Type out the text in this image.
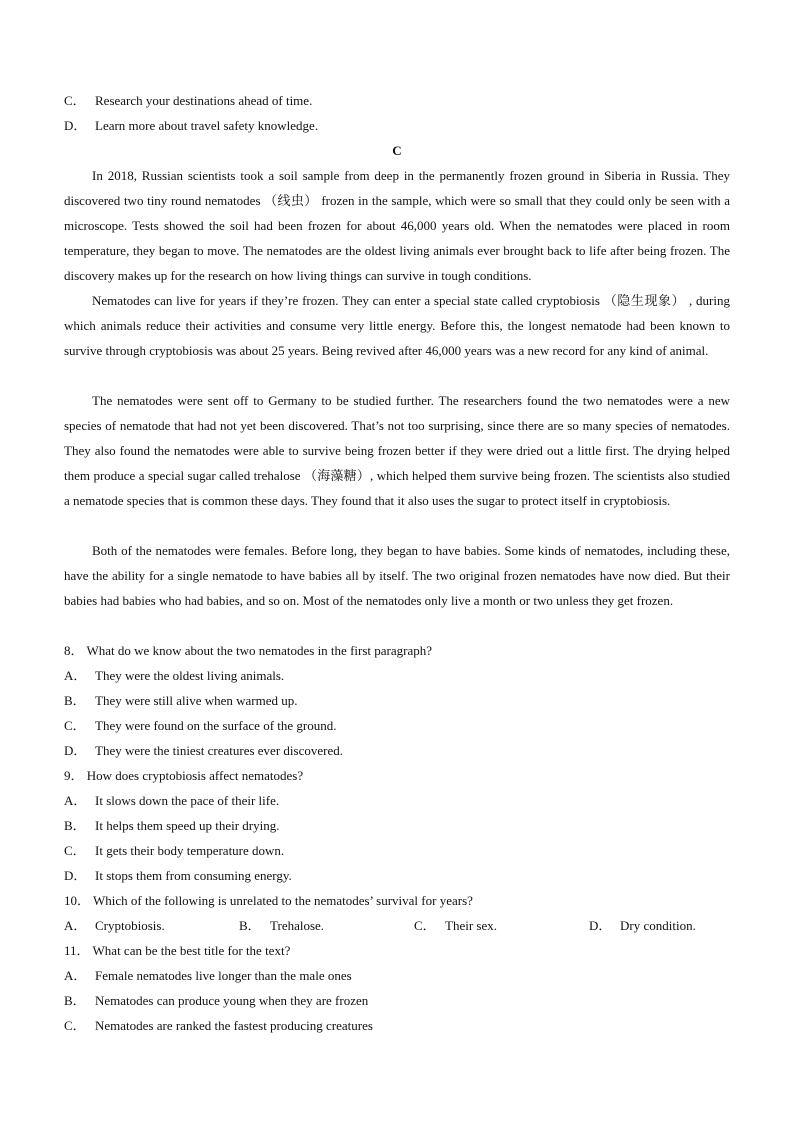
C． Research your destinations ahead of time.
D． Learn more about travel safety knowledge.
C

In 2018, Russian scientists took a soil sample from deep in the permanently frozen ground in Siberia in Russia. They discovered two tiny round nematodes （线虫） frozen in the sample, which were so small that they could only be seen with a microscope. Tests showed the soil had been frozen for about 46,000 years old. When the nematodes were placed in room temperature, they began to move. The nematodes are the oldest living animals ever brought back to life after being frozen. The discovery makes up for the research on how living things can survive in tough conditions.

Nematodes can live for years if they’re frozen. They can enter a special state called cryptobiosis （隐生现象） , during which animals reduce their activities and consume very little energy. Before this, the longest nematode had been known to survive through cryptobiosis was about 25 years. Being revived after 46,000 years was a new record for any kind of animal.

The nematodes were sent off to Germany to be studied further. The researchers found the two nematodes were a new species of nematode that had not yet been discovered. That’s not too surprising, since there are so many species of nematodes. They also found the nematodes were able to survive being frozen better if they were dried out a little first. The drying helped them produce a special sugar called trehalose （海藻糖）, which helped them survive being frozen. The scientists also studied a nematode species that is common these days. They found that it also uses the sugar to protect itself in cryptobiosis.

Both of the nematodes were females. Before long, they began to have babies. Some kinds of nematodes, including these, have the ability for a single nematode to have babies all by itself. The two original frozen nematodes have now died. But their babies had babies who had babies, and so on. Most of the nematodes only live a month or two unless they get frozen.

8． What do we know about the two nematodes in the first paragraph?
A． They were the oldest living animals.
B． They were still alive when warmed up.
C． They were found on the surface of the ground.
D． They were the tiniest creatures ever discovered.
9． How does cryptobiosis affect nematodes?
A． It slows down the pace of their life.
B． It helps them speed up their drying.
C． It gets their body temperature down.
D． It stops them from consuming energy.
10． Which of the following is unrelated to the nematodes’ survival for years?
A． Cryptobiosis.	B． Trehalose.	C． Their sex.	D． Dry condition.
11． What can be the best title for the text?
A． Female nematodes live longer than the male ones
B． Nematodes can produce young when they are frozen
C． Nematodes are ranked the fastest producing creatures
